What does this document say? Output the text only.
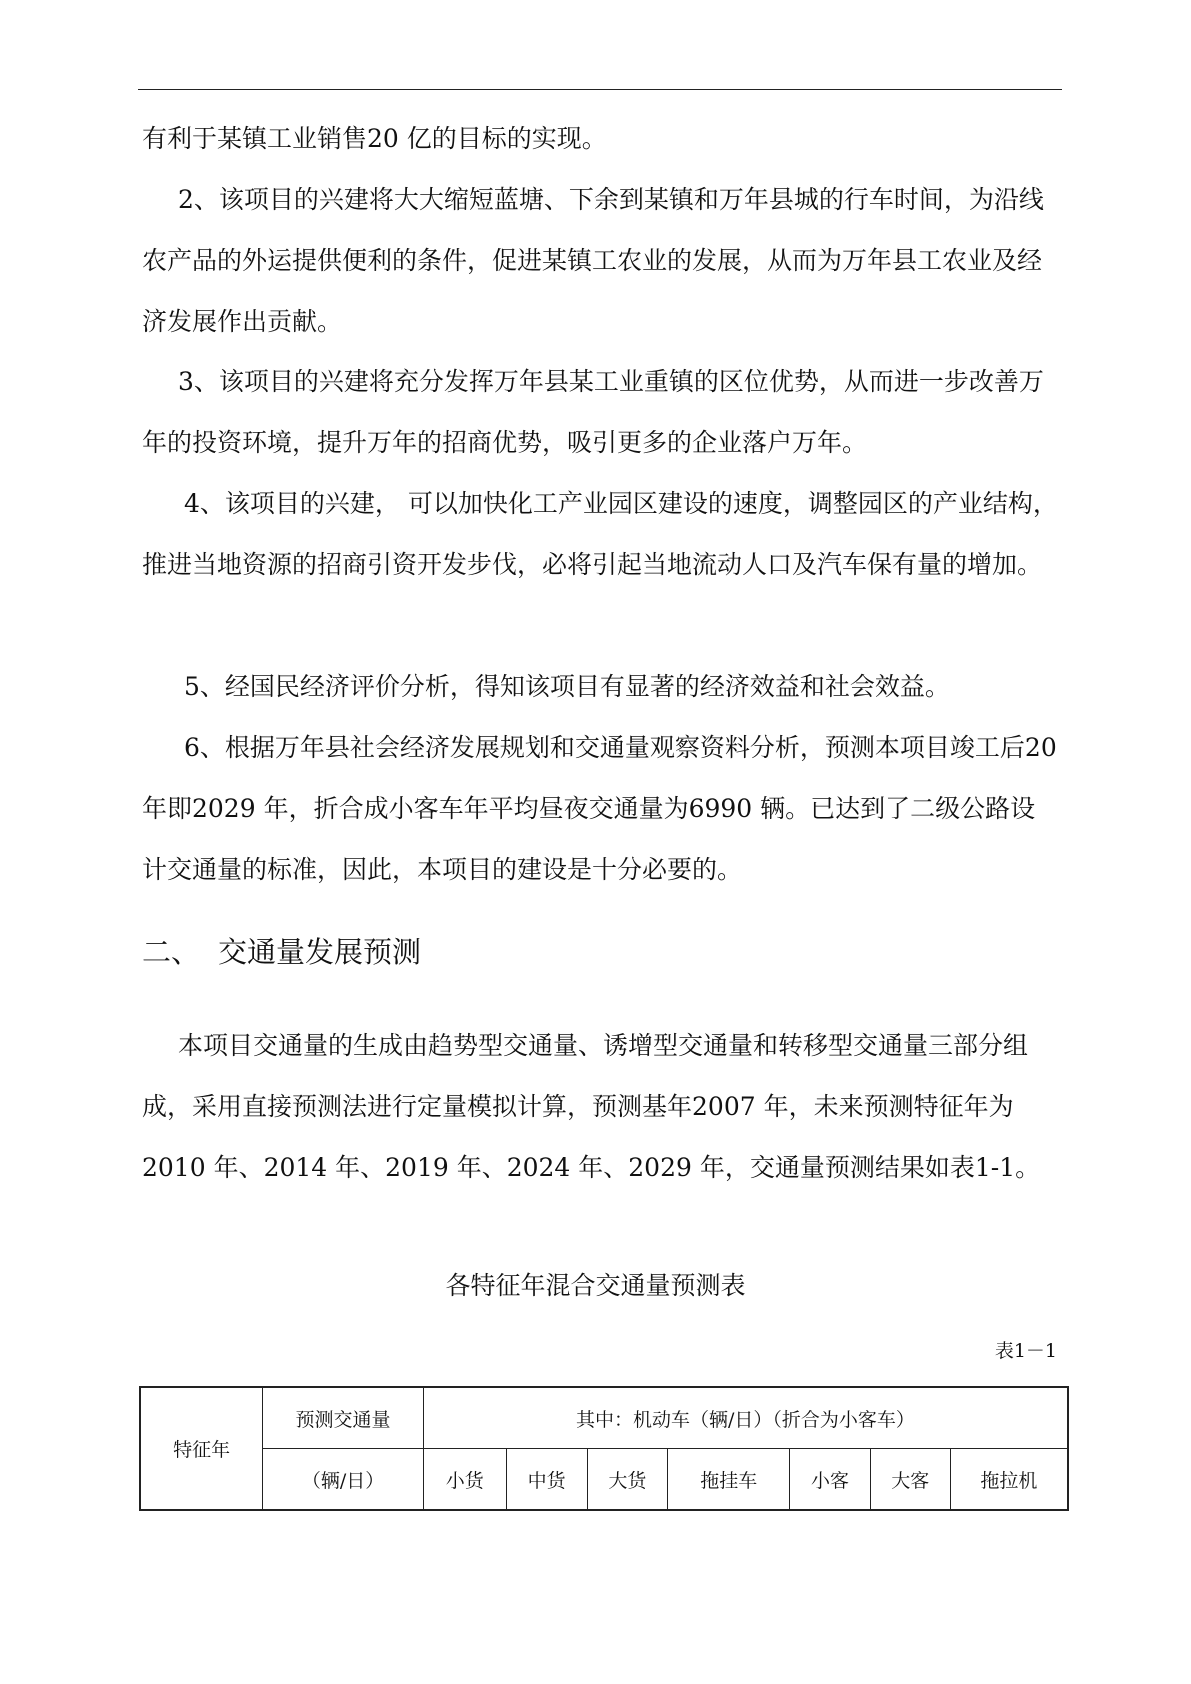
有利于某镇工业销售20 亿的目标的实现。

2、该项目的兴建将大大缩短蓝塘、下余到某镇和万年县城的行车时间，为沿线农产品的外运提供便利的条件，促进某镇工农业的发展，从而为万年县工农业及经济发展作出贡献。

3、该项目的兴建将充分发挥万年县某工业重镇的区位优势，从而进一步改善万年的投资环境，提升万年的招商优势，吸引更多的企业落户万年。

4、该项目的兴建， 可以加快化工产业园区建设的速度，调整园区的产业结构，推进当地资源的招商引资开发步伐，必将引起当地流动人口及汽车保有量的增加。

5、经国民经济评价分析，得知该项目有显著的经济效益和社会效益。

6、根据万年县社会经济发展规划和交通量观察资料分析，预测本项目竣工后20 年即2029 年，折合成小客车年平均昼夜交通量为6990 辆。已达到了二级公路设计交通量的标准，因此，本项目的建设是十分必要的。

二、 交通量发展预测

本项目交通量的生成由趋势型交通量、诱增型交通量和转移型交通量三部分组成，采用直接预测法进行定量模拟计算，预测基年2007 年，未来预测特征年为2010 年、2014 年、2019 年、2024 年、2029 年，交通量预测结果如表1-1。

各特征年混合交通量预测表
表1－1
特征年	预测交通量	其中：机动车（辆/日）（折合为小客车）						
	（辆/日）	小货	中货	大货	拖挂车	小客	大客	拖拉机
